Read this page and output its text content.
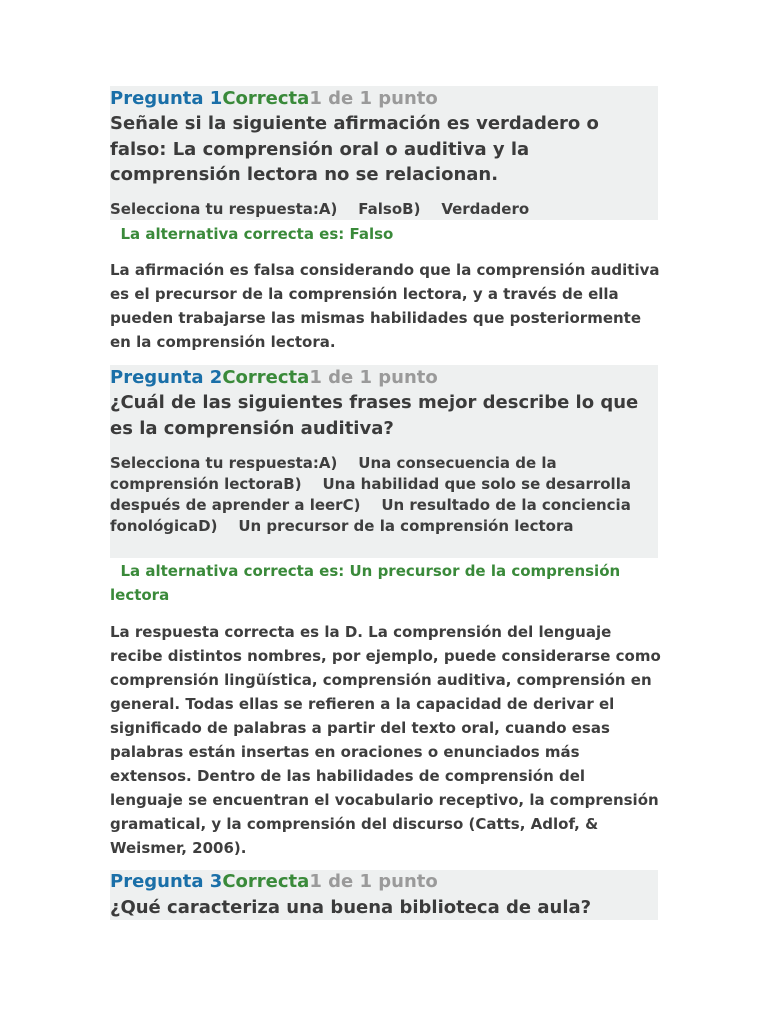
Pregunta 1Correcta1 de 1 punto
Señale si la siguiente afirmación es verdadero o falso: La comprensión oral o auditiva y la comprensión lectora no se relacionan.
Selecciona tu respuesta:A)    FalsoB)    Verdadero
La alternativa correcta es: Falso
La afirmación es falsa considerando que la comprensión auditiva es el precursor de la comprensión lectora, y a través de ella pueden trabajarse las mismas habilidades que posteriormente en la comprensión lectora.
Pregunta 2Correcta1 de 1 punto
¿Cuál de las siguientes frases mejor describe lo que es la comprensión auditiva?
Selecciona tu respuesta:A)    Una consecuencia de la comprensión lectoraB)    Una habilidad que solo se desarrolla después de aprender a leerC)    Un resultado de la conciencia fonológicaD)    Un precursor de la comprensión lectora
La alternativa correcta es: Un precursor de la comprensión lectora
La respuesta correcta es la D. La comprensión del lenguaje recibe distintos nombres, por ejemplo, puede considerarse como comprensión lingüística, comprensión auditiva, comprensión en general. Todas ellas se refieren a la capacidad de derivar el significado de palabras a partir del texto oral, cuando esas palabras están insertas en oraciones o enunciados más extensos. Dentro de las habilidades de comprensión del lenguaje se encuentran el vocabulario receptivo, la comprensión gramatical, y la comprensión del discurso (Catts, Adlof, & Weismer, 2006).
Pregunta 3Correcta1 de 1 punto
¿Qué caracteriza una buena biblioteca de aula?
